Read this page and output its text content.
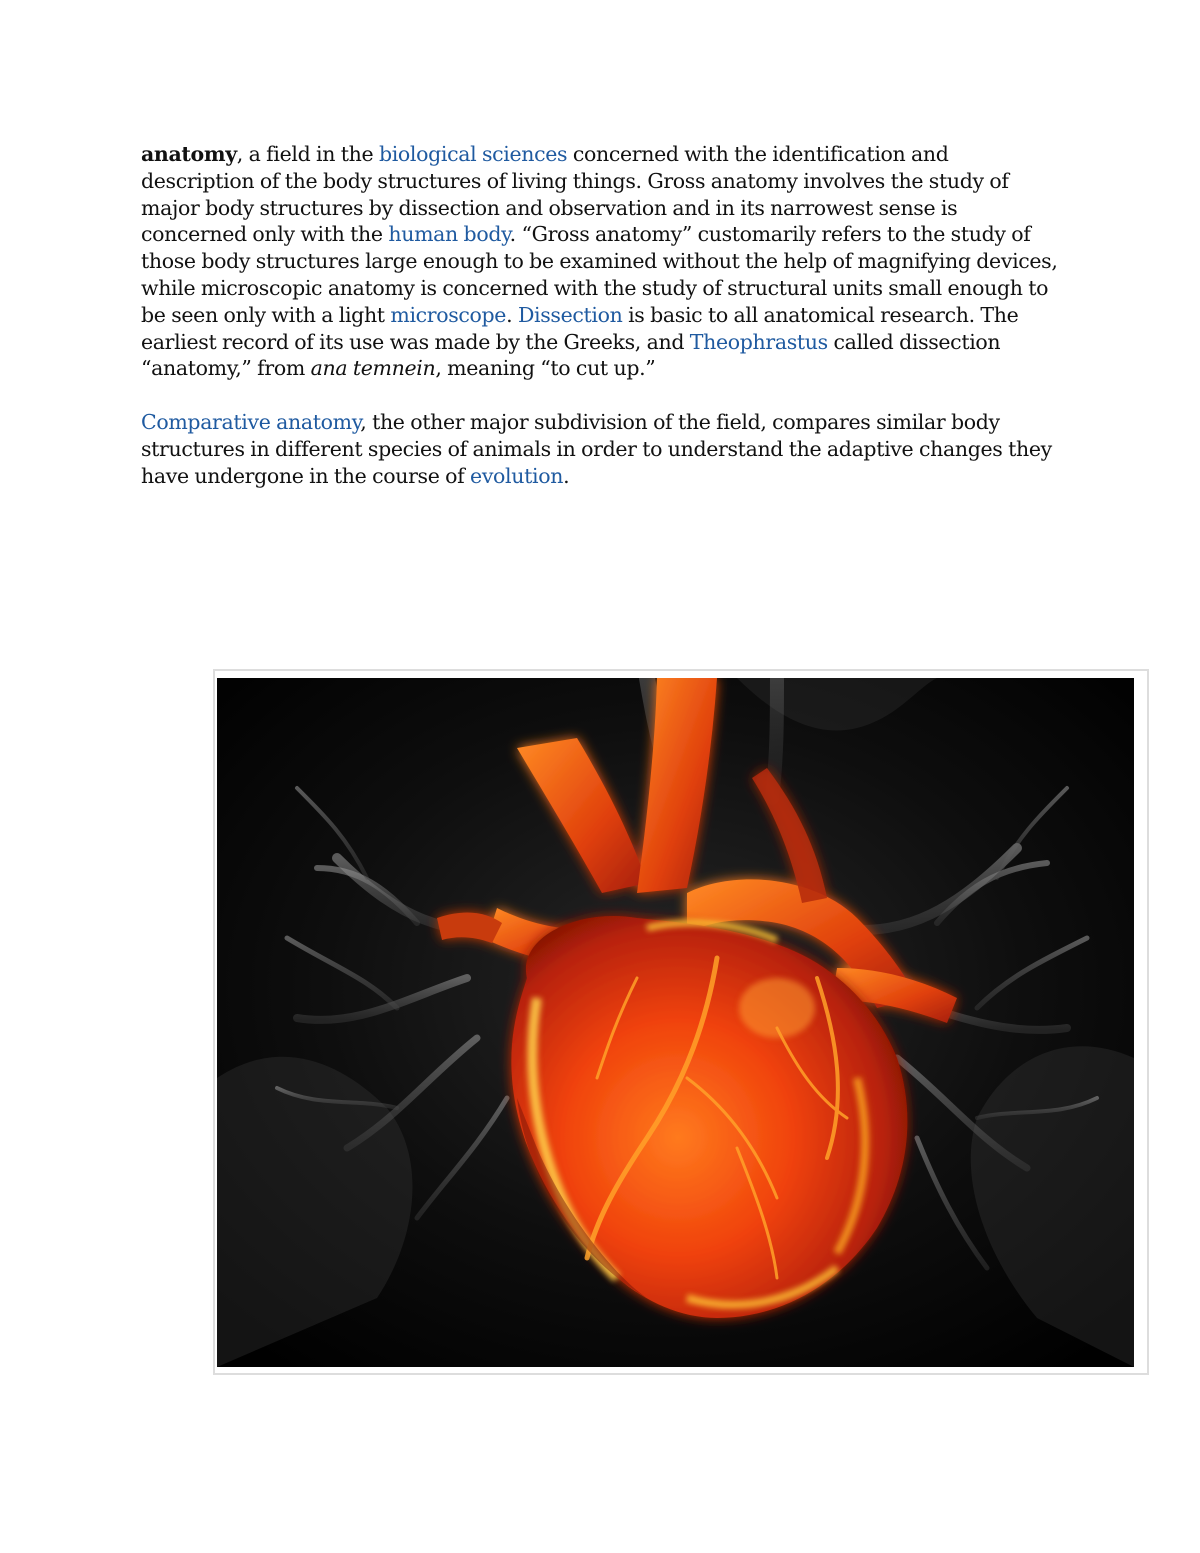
anatomy, a field in the biological sciences concerned with the identification and description of the body structures of living things. Gross anatomy involves the study of major body structures by dissection and observation and in its narrowest sense is concerned only with the human body. “Gross anatomy” customarily refers to the study of those body structures large enough to be examined without the help of magnifying devices, while microscopic anatomy is concerned with the study of structural units small enough to be seen only with a light microscope. Dissection is basic to all anatomical research. The earliest record of its use was made by the Greeks, and Theophrastus called dissection “anatomy,” from ana temnein, meaning “to cut up.”

Comparative anatomy, the other major subdivision of the field, compares similar body structures in different species of animals in order to understand the adaptive changes they have undergone in the course of evolution.
